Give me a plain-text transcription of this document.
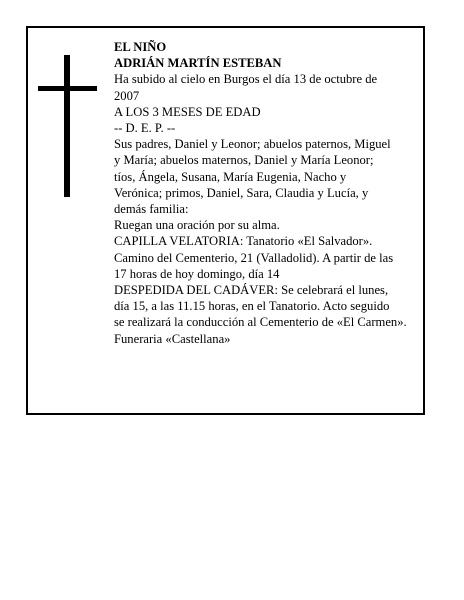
EL NIÑO

ADRIÁN MARTÍN ESTEBAN

Ha subido al cielo en Burgos el día 13 de octubre de

2007

A LOS 3 MESES DE EDAD

-- D. E. P. --

Sus padres, Daniel y Leonor; abuelos paternos, Miguel

y María; abuelos maternos, Daniel y María Leonor;

tíos, Ángela, Susana, María Eugenia, Nacho y

Verónica; primos, Daniel, Sara, Claudia y Lucía, y

demás familia:

Ruegan una oración por su alma.

CAPILLA VELATORIA: Tanatorio «El Salvador».

Camino del Cementerio, 21 (Valladolid). A partir de las

17 horas de hoy domingo, día 14

DESPEDIDA DEL CADÁVER: Se celebrará el lunes,

día 15, a las 11.15 horas, en el Tanatorio. Acto seguido

se realizará la conducción al Cementerio de «El Carmen».

Funeraria «Castellana»
